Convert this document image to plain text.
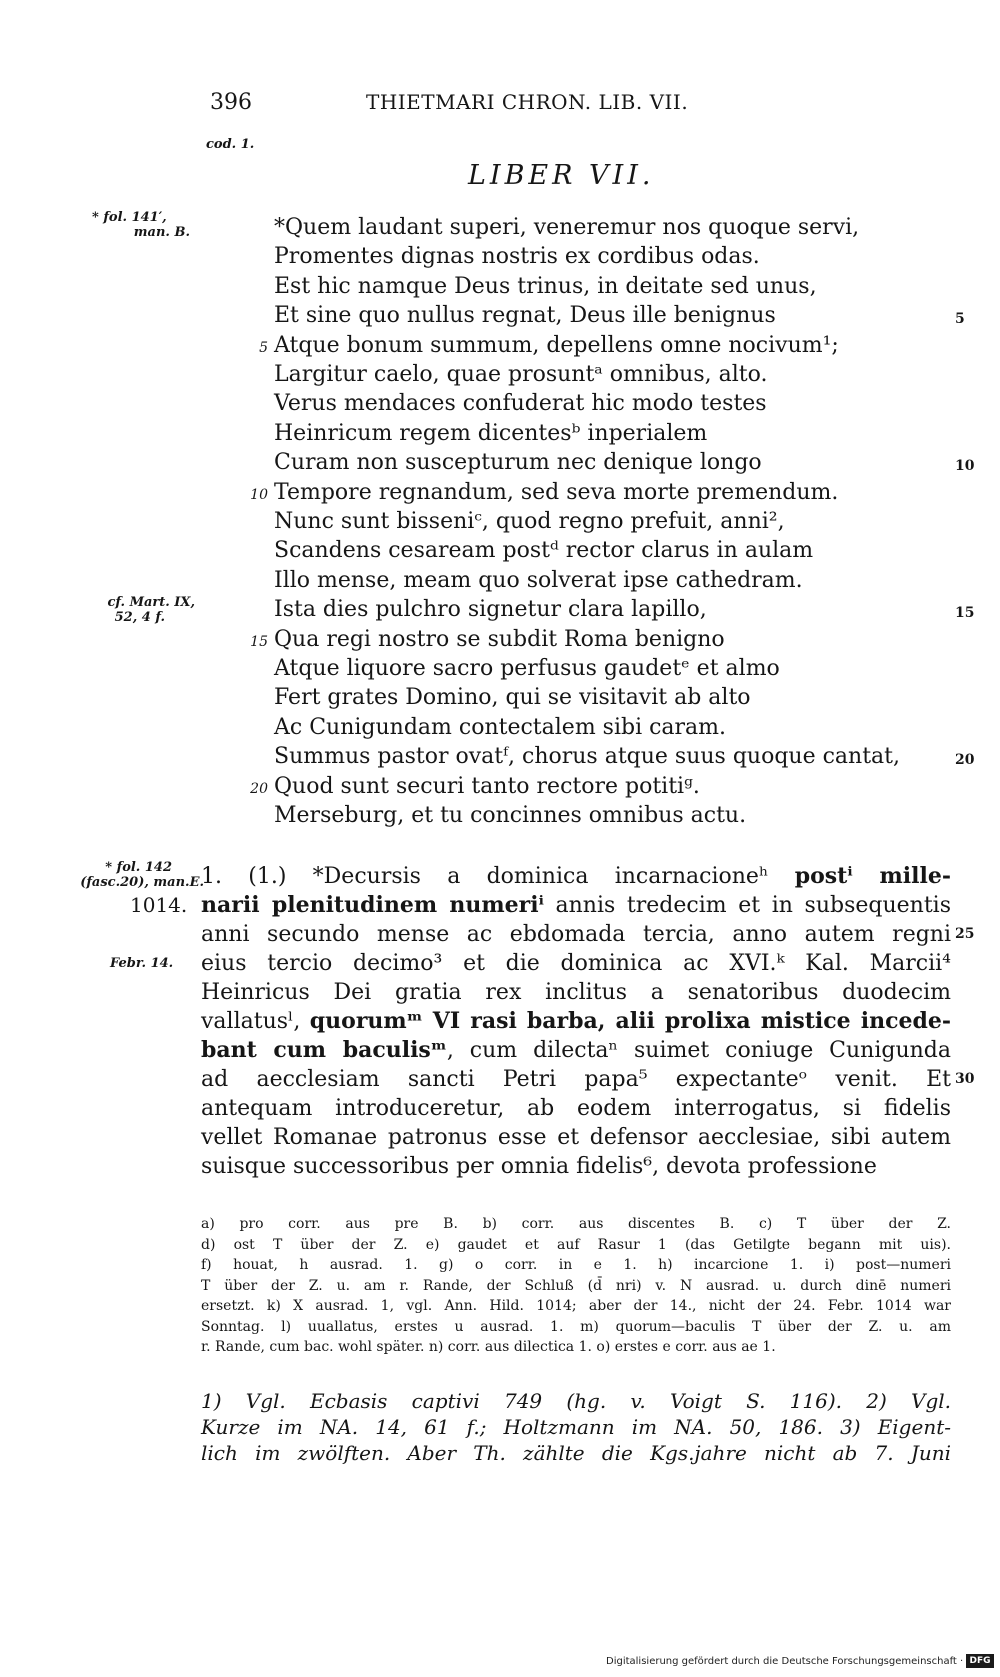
396	THIETMARI CHRON. LIB. VII.
cod. 1.
LIBER VII.
* fol. 141′,
man. B.
cf. Mart. IX,
52, 4 f.
* fol. 142
(fasc.20), man.E.
*Quem laudant superi, veneremur nos quoque servi,
Promentes dignas nostris ex cordibus odas.
Est hic namque Deus trinus, in deitate sed unus,
Et sine quo nullus regnat, Deus ille benignus
Atque bonum summum, depellens omne nocivum¹;
Largitur caelo, quae prosuntᵃ omnibus, alto.
Verus mendaces confuderat hic modo testes
Heinricum regem dicentesᵇ inperialem
Curam non suscepturum nec denique longo
Tempore regnandum, sed seva morte premendum.
Nunc sunt bisseniᶜ, quod regno prefuit, anni²,
Scandens cesaream postᵈ rector clarus in aulam
Illo mense, meam quo solverat ipse cathedram.
Ista dies pulchro signetur clara lapillo,
Qua regi nostro se subdit Roma benigno
Atque liquore sacro perfusus gaudetᵉ et almo
Fert grates Domino, qui se visitavit ab alto
Ac Cunigundam contectalem sibi caram.
Summus pastor ovatᶠ, chorus atque suus quoque cantat,
Quod sunt securi tanto rectore potitiᵍ.
Merseburg, et tu concinnes omnibus actu.
5
10
15
20
5
10
15
20
1014.
Febr. 14.
1. (1.) *Decursis a dominica incarnacioneʰ postⁱ mille-
narii plenitudinem numeriⁱ annis tredecim et in subsequentis
anni secundo mense ac ebdomada tercia, anno autem regni
eius tercio decimo³ et die dominica ac XVI.ᵏ Kal. Marcii⁴
Heinricus Dei gratia rex inclitus a senatoribus duodecim
vallatusˡ, quorumᵐ VI rasi barba, alii prolixa mistice incede-
bant cum baculisᵐ, cum dilectaⁿ suimet coniuge Cunigunda
ad aecclesiam sancti Petri papa⁵ expectanteᵒ venit. Et
antequam introduceretur, ab eodem interrogatus, si fidelis
vellet Romanae patronus esse et defensor aecclesiae, sibi autem
suisque successoribus per omnia fidelis⁶, devota professione
25
30
a) pro corr. aus pre B. b) corr. aus discentes B. c) T über der Z.
d) ost T über der Z. e) gaudet et auf Rasur 1 (das Getilgte begann mit uis).
f) houat, h ausrad. 1. g) o corr. in e 1. h) incarcione 1. i) post—numeri
T über der Z. u. am r. Rande, der Schluß (d̄ nri) v. N ausrad. u. durch dinē numeri
ersetzt. k) X ausrad. 1, vgl. Ann. Hild. 1014; aber der 14., nicht der 24. Febr. 1014 war
Sonntag. l) uuallatus, erstes u ausrad. 1. m) quorum—baculis T über der Z. u. am
r. Rande, cum bac. wohl später. n) corr. aus dilectica 1. o) erstes e corr. aus ae 1.
1) Vgl. Ecbasis captivi 749 (hg. v. Voigt S. 116). 2) Vgl.
Kurze im NA. 14, 61 f.; Holtzmann im NA. 50, 186. 3) Eigent-
lich im zwölften. Aber Th. zählte die Kgs.jahre nicht ab 7. Juni
Digitalisierung gefördert durch die Deutsche Forschungsgemeinschaft · DFG
